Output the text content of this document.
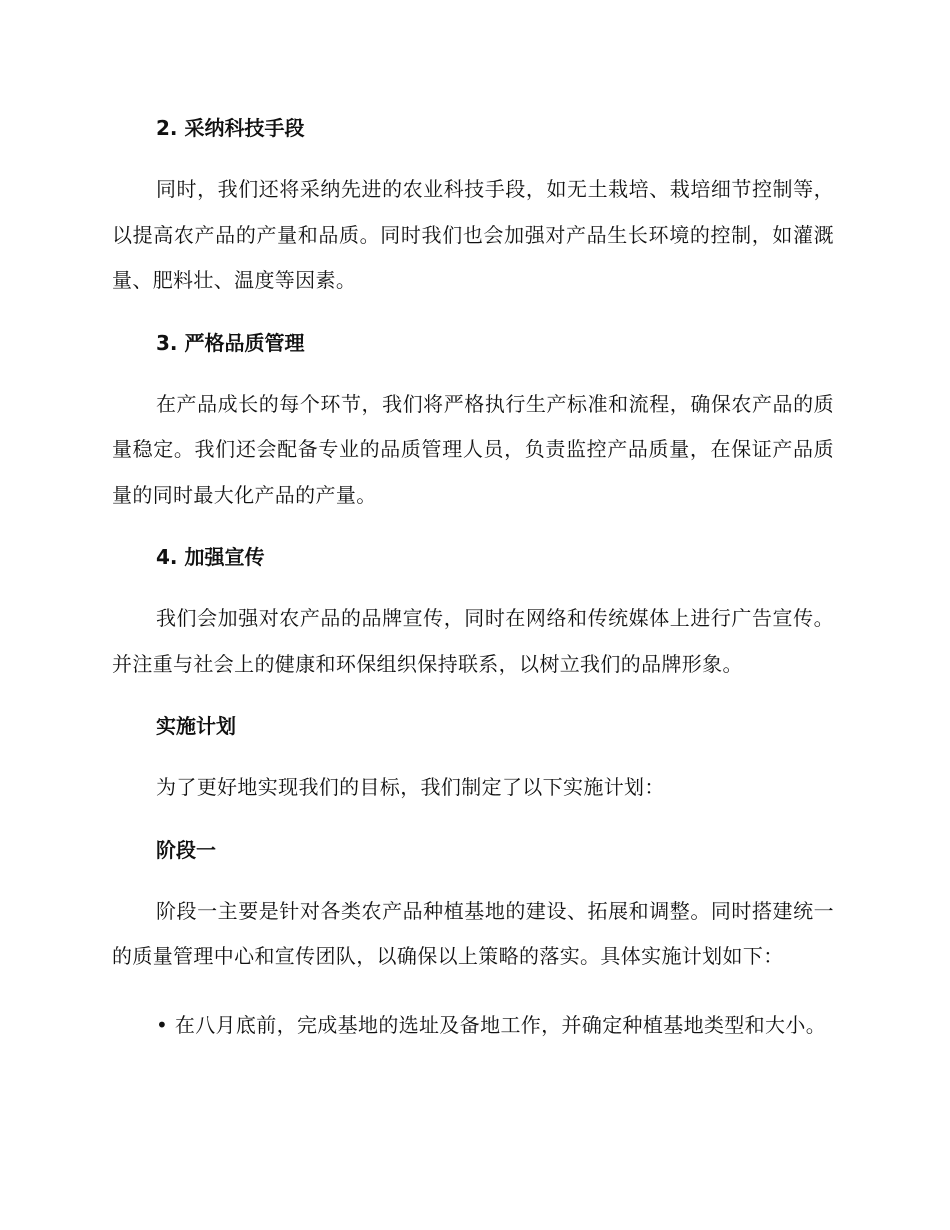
2. 采纳科技手段

同时，我们还将采纳先进的农业科技手段，如无土栽培、栽培细节控制等，以提高农产品的产量和品质。同时我们也会加强对产品生长环境的控制，如灌溉量、肥料壮、温度等因素。

3. 严格品质管理

在产品成长的每个环节，我们将严格执行生产标准和流程，确保农产品的质量稳定。我们还会配备专业的品质管理人员，负责监控产品质量，在保证产品质量的同时最大化产品的产量。

4. 加强宣传

我们会加强对农产品的品牌宣传，同时在网络和传统媒体上进行广告宣传。并注重与社会上的健康和环保组织保持联系，以树立我们的品牌形象。

实施计划

为了更好地实现我们的目标，我们制定了以下实施计划：

阶段一

阶段一主要是针对各类农产品种植基地的建设、拓展和调整。同时搭建统一的质量管理中心和宣传团队，以确保以上策略的落实。具体实施计划如下：

• 在八月底前，完成基地的选址及备地工作，并确定种植基地类型和大小。
